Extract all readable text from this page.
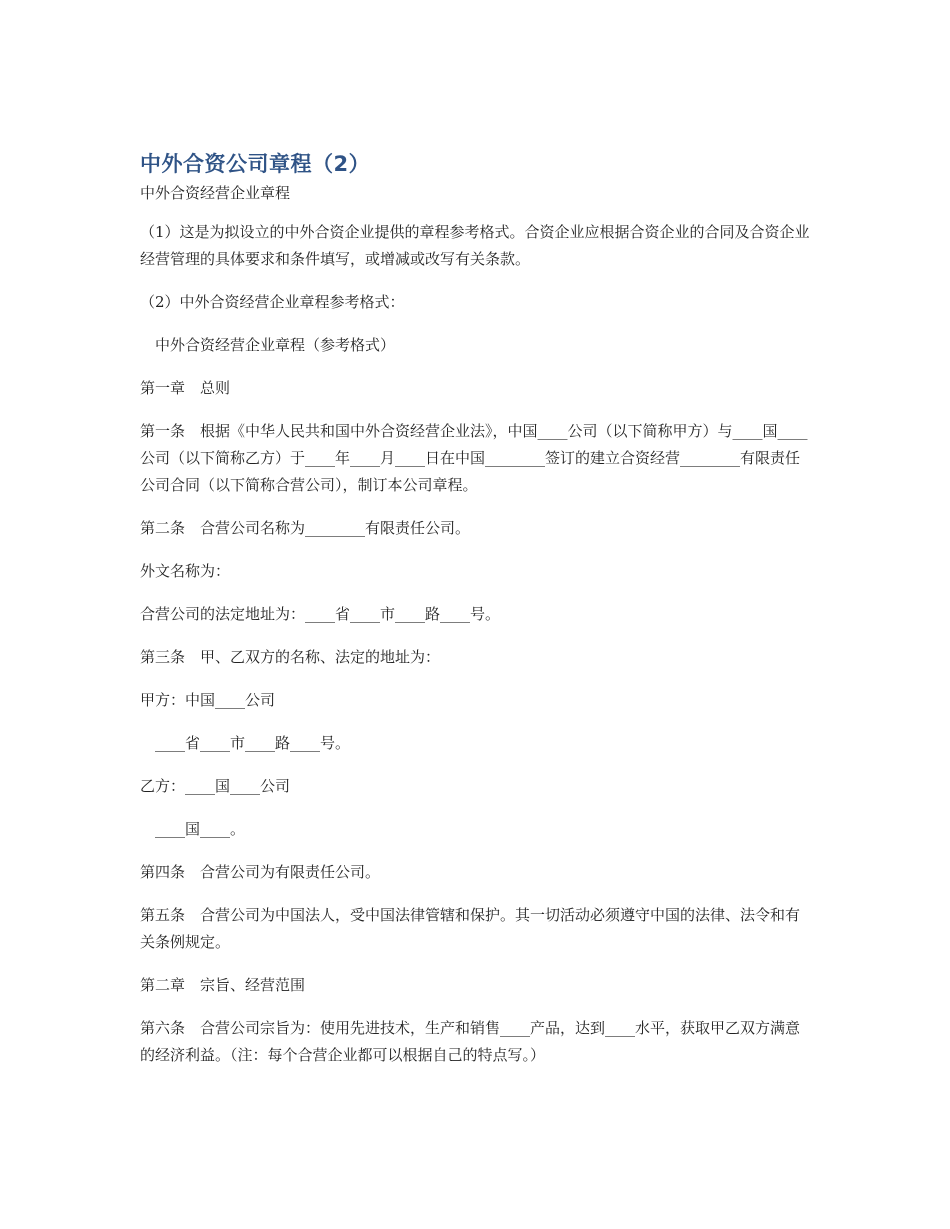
中外合资公司章程（2）

中外合资经营企业章程

（1）这是为拟设立的中外合资企业提供的章程参考格式。合资企业应根据合资企业的合同及合资企业经营管理的具体要求和条件填写，或增减或改写有关条款。

（2）中外合资经营企业章程参考格式：

　中外合资经营企业章程（参考格式）

第一章　总则

第一条　根据《中华人民共和国中外合资经营企业法》，中国____公司（以下简称甲方）与____国____公司（以下简称乙方）于____年____月____日在中国________签订的建立合资经营________有限责任公司合同（以下简称合营公司），制订本公司章程。

第二条　合营公司名称为________有限责任公司。

外文名称为：

合营公司的法定地址为：____省____市____路____号。

第三条　甲、乙双方的名称、法定的地址为：

甲方：中国____公司

　____省____市____路____号。

乙方：____国____公司

　____国____。

第四条　合营公司为有限责任公司。

第五条　合营公司为中国法人，受中国法律管辖和保护。其一切活动必须遵守中国的法律、法令和有关条例规定。

第二章　宗旨、经营范围

第六条　合营公司宗旨为：使用先进技术，生产和销售____产品，达到____水平，获取甲乙双方满意的经济利益。（注：每个合营企业都可以根据自己的特点写。）
